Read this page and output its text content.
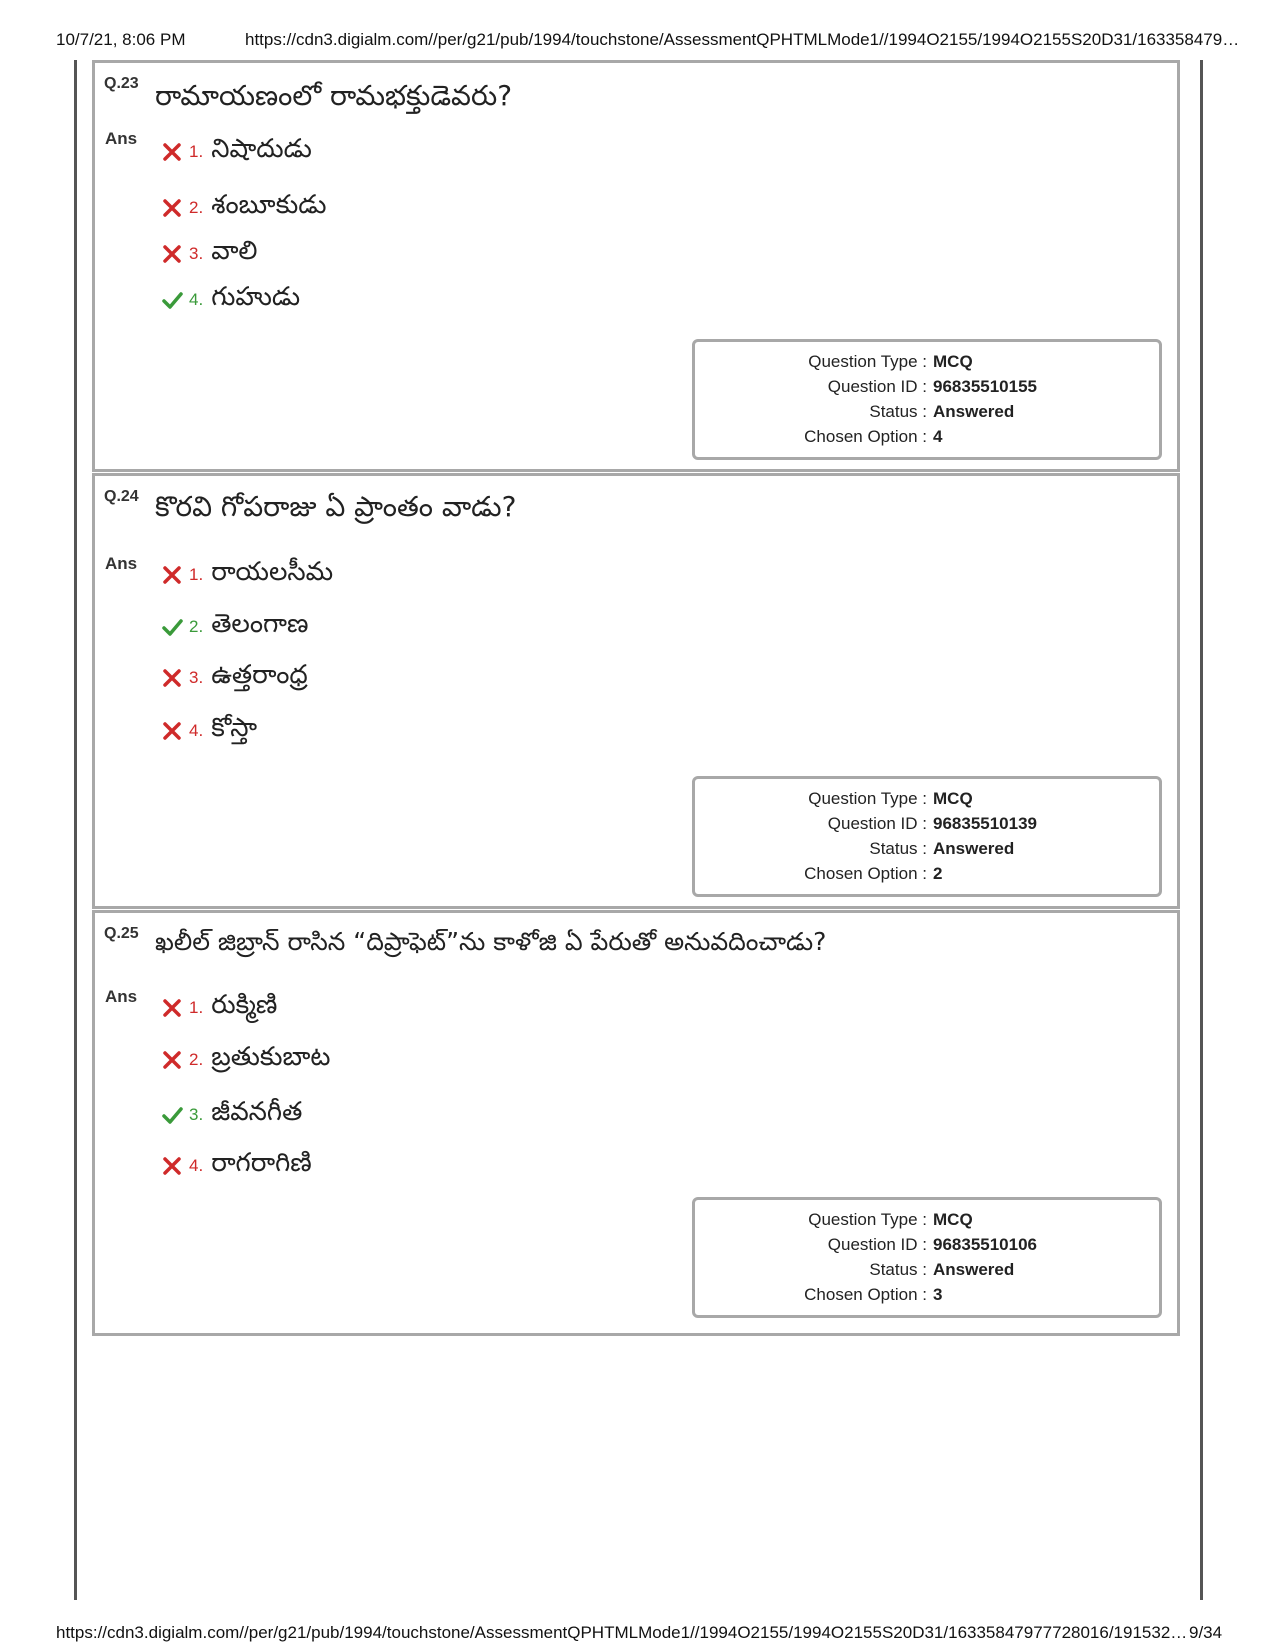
10/7/21, 8:06 PM	https://cdn3.digialm.com//per/g21/pub/1994/touchstone/AssessmentQPHTMLMode1//1994O2155/1994O2155S20D31/163358479…
Q.23 రామాయణంలో రామభక్తుడెవరు?
Ans
1. నిషాదుడు
2. శంబూకుడు
3. వాలి
4. గుహుడు
Question Type : MCQ
Question ID : 96835510155
Status : Answered
Chosen Option : 4
Q.24 కొరవి గోపరాజు ఏ ప్రాంతం వాడు?
Ans
1. రాయలసీమ
2. తెలంగాణ
3. ఉత్తరాంధ్ర
4. కోస్తా
Question Type : MCQ
Question ID : 96835510139
Status : Answered
Chosen Option : 2
Q.25 ఖలీల్ జిబ్రాన్ రాసిన “దిప్రాఫెట్”ను కాళోజి ఏ పేరుతో అనువదించాడు?
Ans
1. రుక్మిణి
2. బ్రతుకుబాట
3. జీవనగీత
4. రాగరాగిణి
Question Type : MCQ
Question ID : 96835510106
Status : Answered
Chosen Option : 3
https://cdn3.digialm.com//per/g21/pub/1994/touchstone/AssessmentQPHTMLMode1//1994O2155/1994O2155S20D31/16335847977728016/191532… 9/34
